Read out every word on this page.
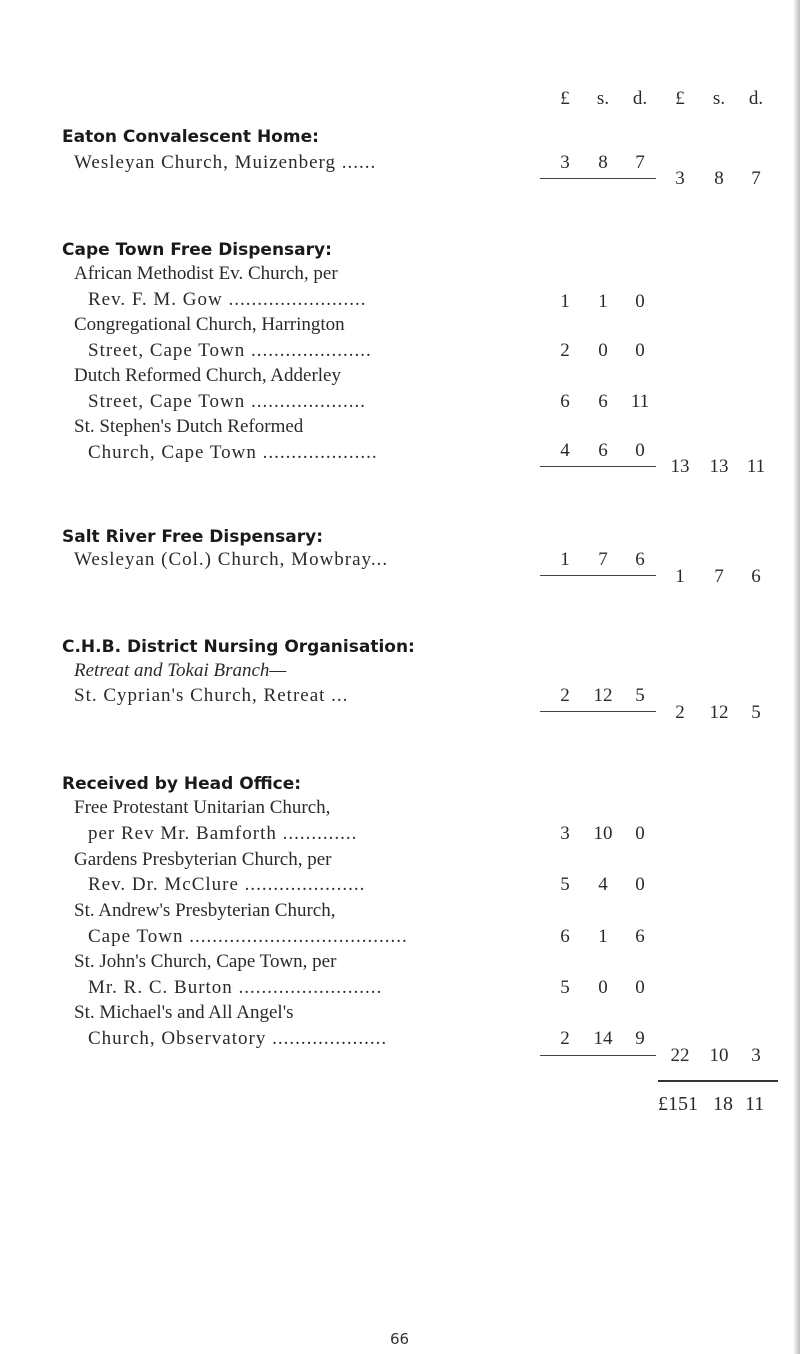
£	s.	d.	£	s.	d.
Eaton Convalescent Home:
Wesleyan Church, Muizenberg ......	3	8	7
3	8	7
Cape Town Free Dispensary:
African Methodist Ev. Church, per
Rev. F. M. Gow ........................	1	1	0
Congregational Church, Harrington
Street, Cape Town .....................	2	0	0
Dutch Reformed Church, Adderley
Street, Cape Town ....................	6	6	11
St. Stephen's Dutch Reformed
Church, Cape Town ....................	4	6	0
13 13 11
Salt River Free Dispensary:
Wesleyan (Col.) Church, Mowbray...	1	7	6
1	7	6
C.H.B. District Nursing Organisation:
Retreat and Tokai Branch—
St. Cyprian's Church, Retreat ...	2	12	5
2	12	5
Received by Head Office:
Free Protestant Unitarian Church,
per Rev Mr. Bamforth .............	3	10	0
Gardens Presbyterian Church, per
Rev. Dr. McClure .....................	5	4	0
St. Andrew's Presbyterian Church,
Cape Town ......................................	6	1	6
St. John's Church, Cape Town, per
Mr. R. C. Burton .........................	5	0	0
St. Michael's and All Angel's
Church, Observatory ....................	2	14	9
22 10	3
£151 18 11
66
